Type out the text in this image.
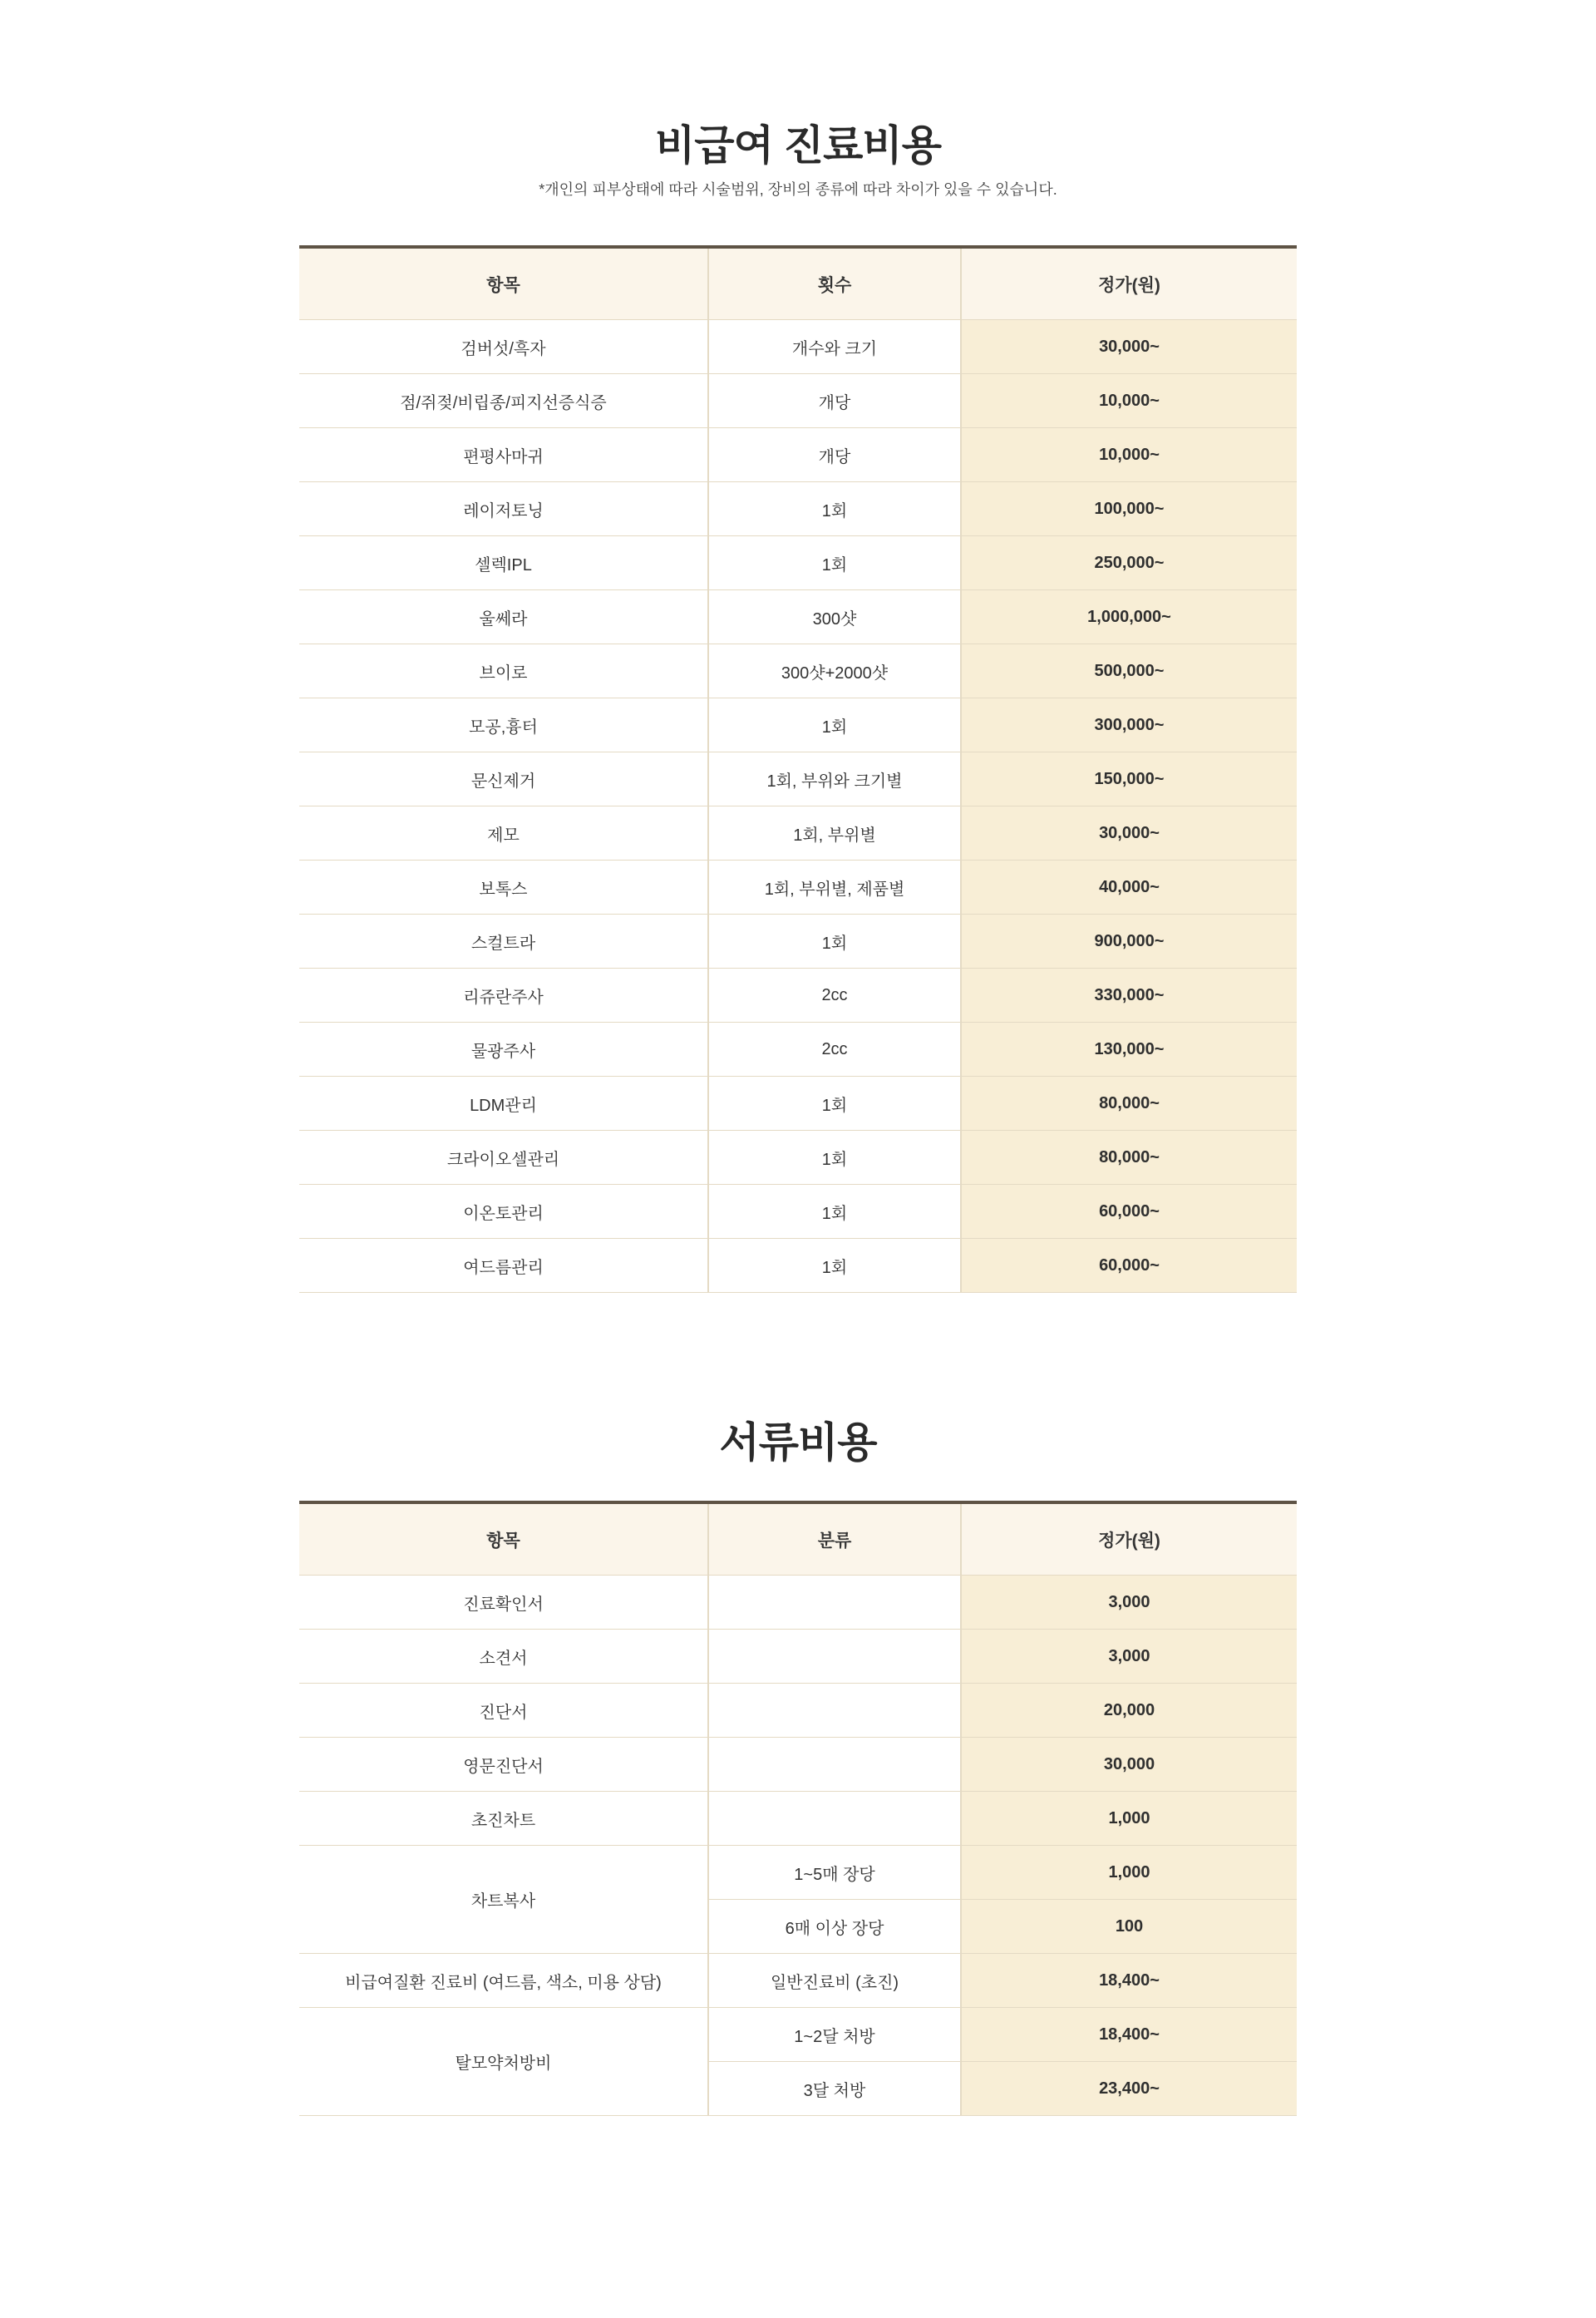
비급여 진료비용

*개인의 피부상태에 따라 시술범위, 장비의 종류에 따라 차이가 있을 수 있습니다.

항목	횟수	정가(원)
검버섯/흑자	개수와 크기	30,000~
점/쥐젖/비립종/피지선증식증	개당	10,000~
편평사마귀	개당	10,000~
레이저토닝	1회	100,000~
셀렉IPL	1회	250,000~
울쎄라	300샷	1,000,000~
브이로	300샷+2000샷	500,000~
모공,흉터	1회	300,000~
문신제거	1회, 부위와 크기별	150,000~
제모	1회, 부위별	30,000~
보톡스	1회, 부위별, 제품별	40,000~
스컬트라	1회	900,000~
리쥬란주사	2cc	330,000~
물광주사	2cc	130,000~
LDM관리	1회	80,000~
크라이오셀관리	1회	80,000~
이온토관리	1회	60,000~
여드름관리	1회	60,000~
서류비용
항목	분류	정가(원)
진료확인서		3,000
소견서		3,000
진단서		20,000
영문진단서		30,000
초진차트		1,000
차트복사	1~5매 장당	1,000
	6매 이상 장당	100
비급여질환 진료비 (여드름, 색소, 미용 상담)	일반진료비 (초진)	18,400~
탈모약처방비	1~2달 처방	18,400~
	3달 처방	23,400~
